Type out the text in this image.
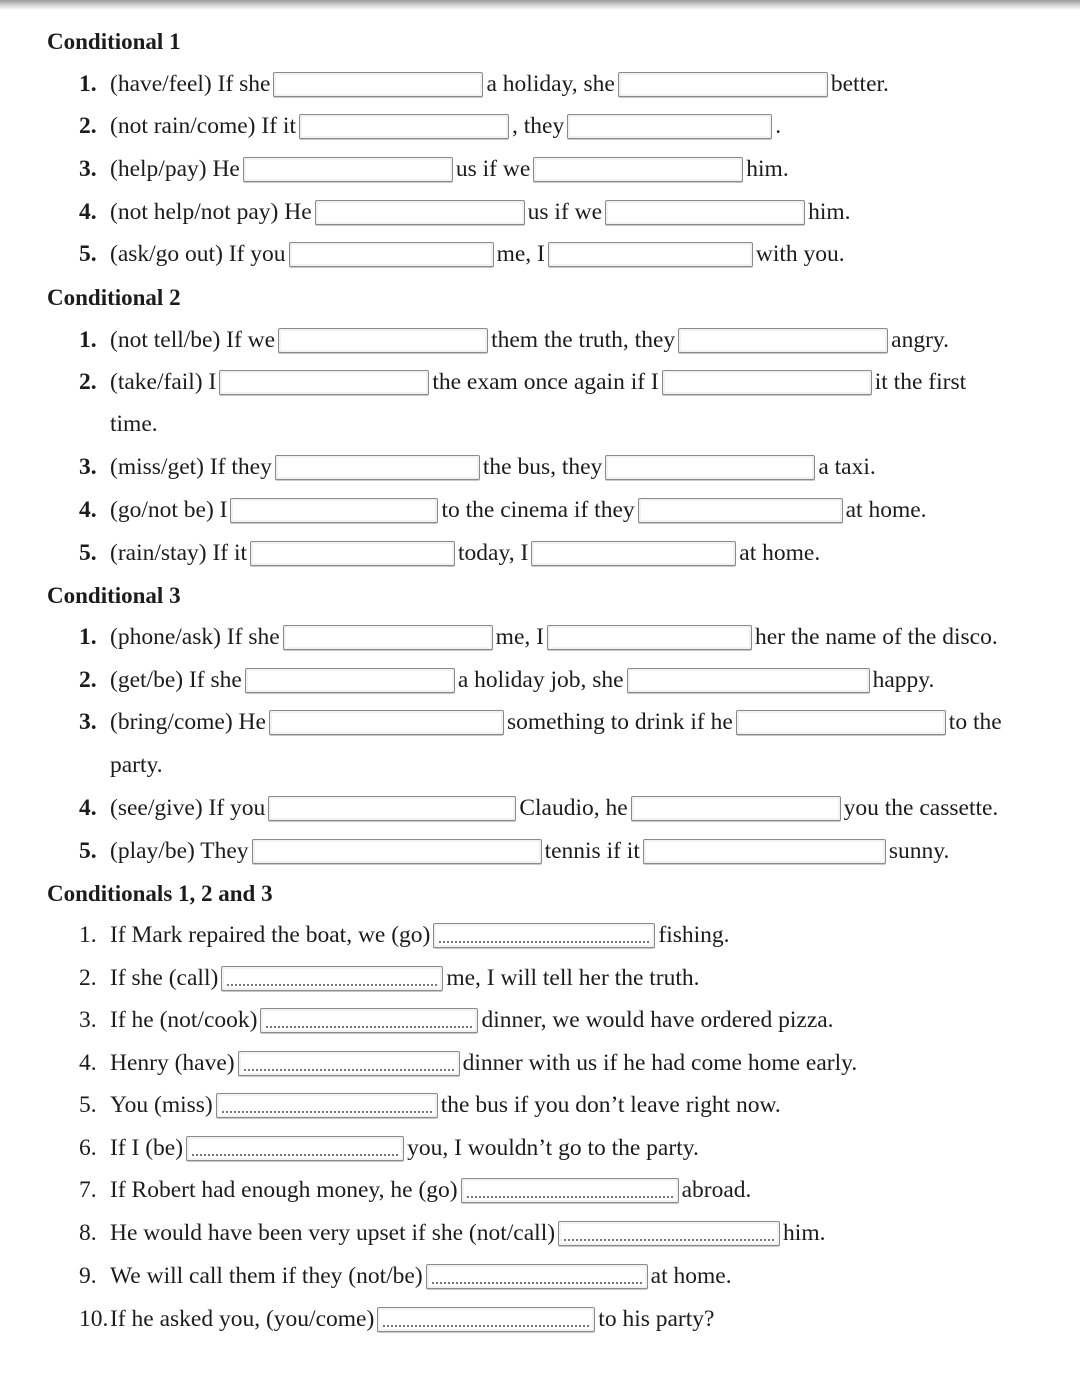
Conditional 1
1. (have/feel) If she	a holiday, she	better.
2. (not rain/come) If it	, they	.
3. (help/pay) He	us if we	him.
4. (not help/not pay) He	us if we	him.
5. (ask/go out) If you	me, I	with you.
Conditional 2
1. (not tell/be) If we	them the truth, they	angry.
2. (take/fail) I	the exam once again if I	it the first
time.
3. (miss/get) If they	the bus, they	a taxi.
4. (go/not be) I	to the cinema if they	at home.
5. (rain/stay) If it	today, I	at home.
Conditional 3
1. (phone/ask) If she	me, I	her the name of the disco.
2. (get/be) If she	a holiday job, she	happy.
3. (bring/come) He	something to drink if he	to the
party.
4. (see/give) If you	Claudio, he	you the cassette.
5. (play/be) They	tennis if it	sunny.
Conditionals 1, 2 and 3
1. If Mark repaired the boat, we (go)	fishing.
2. If she (call)	me, I will tell her the truth.
3. If he (not/cook)	dinner, we would have ordered pizza.
4. Henry (have)	dinner with us if he had come home early.
5. You (miss)	the bus if you don’t leave right now.
6. If I (be)	you, I wouldn’t go to the party.
7. If Robert had enough money, he (go)	abroad.
8. He would have been very upset if she (not/call)	him.
9. We will call them if they (not/be)	at home.
10. If he asked you, (you/come)	to his party?
